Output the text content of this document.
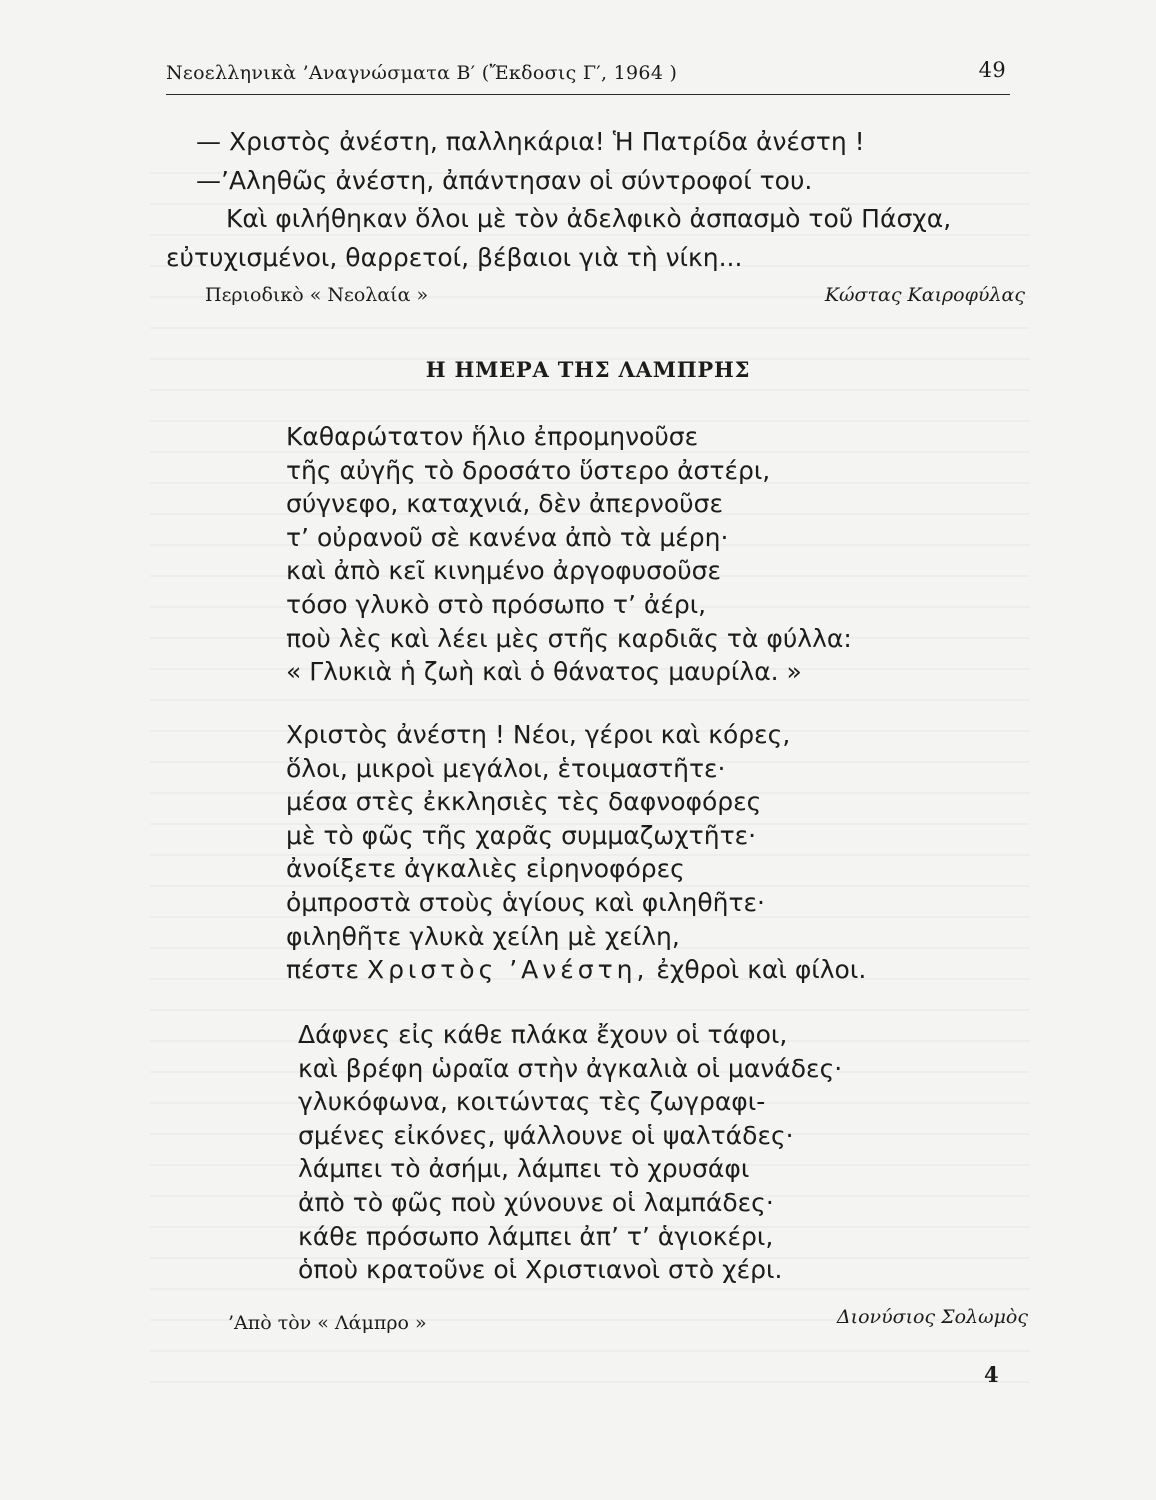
Νεοελληνικὰ ’Αναγνώσματα Β′ (Ἔκδοσις Γ′, 1964 )	49

— Χριστὸς ἀνέστη, παλληκάρια! Ἡ Πατρίδα ἀνέστη !

—’Αληθῶς ἀνέστη, ἀπάντησαν οἱ σύντροφοί του.

Καὶ φιλήθηκαν ὅλοι μὲ τὸν ἀδελφικὸ ἀσπασμὸ τοῦ Πάσχα,

εὐτυχισμένοι, θαρρετοί, βέβαιοι γιὰ τὴ νίκη...

Περιοδικὸ « Νεολαία »	Κώστας Καιροφύλας
Η ΗΜΕΡΑ ΤΗΣ ΛΑΜΠΡΗΣ
Καθαρώτατον ἥλιο ἐπρομηνοῦσε
τῆς αὐγῆς τὸ δροσάτο ὕστερο ἀστέρι,
σύγνεφο, καταχνιά, δὲν ἀπερνοῦσε
τ’ οὐρανοῦ σὲ κανένα ἀπὸ τὰ μέρη·
καὶ ἀπὸ κεῖ κινημένο ἀργοφυσοῦσε
τόσο γλυκὸ στὸ πρόσωπο τ’ ἀέρι,
ποὺ λὲς καὶ λέει μὲς στῆς καρδιᾶς τὰ φύλλα:
« Γλυκιὰ ἡ ζωὴ καὶ ὁ θάνατος μαυρίλα. »
Χριστὸς ἀνέστη ! Νέοι, γέροι καὶ κόρες,
ὅλοι, μικροὶ μεγάλοι, ἑτοιμαστῆτε·
μέσα στὲς ἐκκλησιὲς τὲς δαφνοφόρες
μὲ τὸ φῶς τῆς χαρᾶς συμμαζωχτῆτε·
ἀνοίξετε ἀγκαλιὲς εἰρηνοφόρες
ὀμπροστὰ στοὺς ἁγίους καὶ φιληθῆτε·
φιληθῆτε γλυκὰ χείλη μὲ χείλη,
πέστε Χριστὸς ’Ανέστη, ἐχθροὶ καὶ φίλοι.
Δάφνες εἰς κάθε πλάκα ἔχουν οἱ τάφοι,
καὶ βρέφη ὡραῖα στὴν ἀγκαλιὰ οἱ μανάδες·
γλυκόφωνα, κοιτώντας τὲς ζωγραφι-
σμένες εἰκόνες, ψάλλουνε οἱ ψαλτάδες·
λάμπει τὸ ἀσήμι, λάμπει τὸ χρυσάφι
ἀπὸ τὸ φῶς ποὺ χύνουνε οἱ λαμπάδες·
κάθε πρόσωπο λάμπει ἀπ’ τ’ ἁγιοκέρι,
ὁποὺ κρατοῦνε οἱ Χριστιανοὶ στὸ χέρι.
’Απὸ τὸν « Λάμπρο »	Διονύσιος Σολωμὸς
4
